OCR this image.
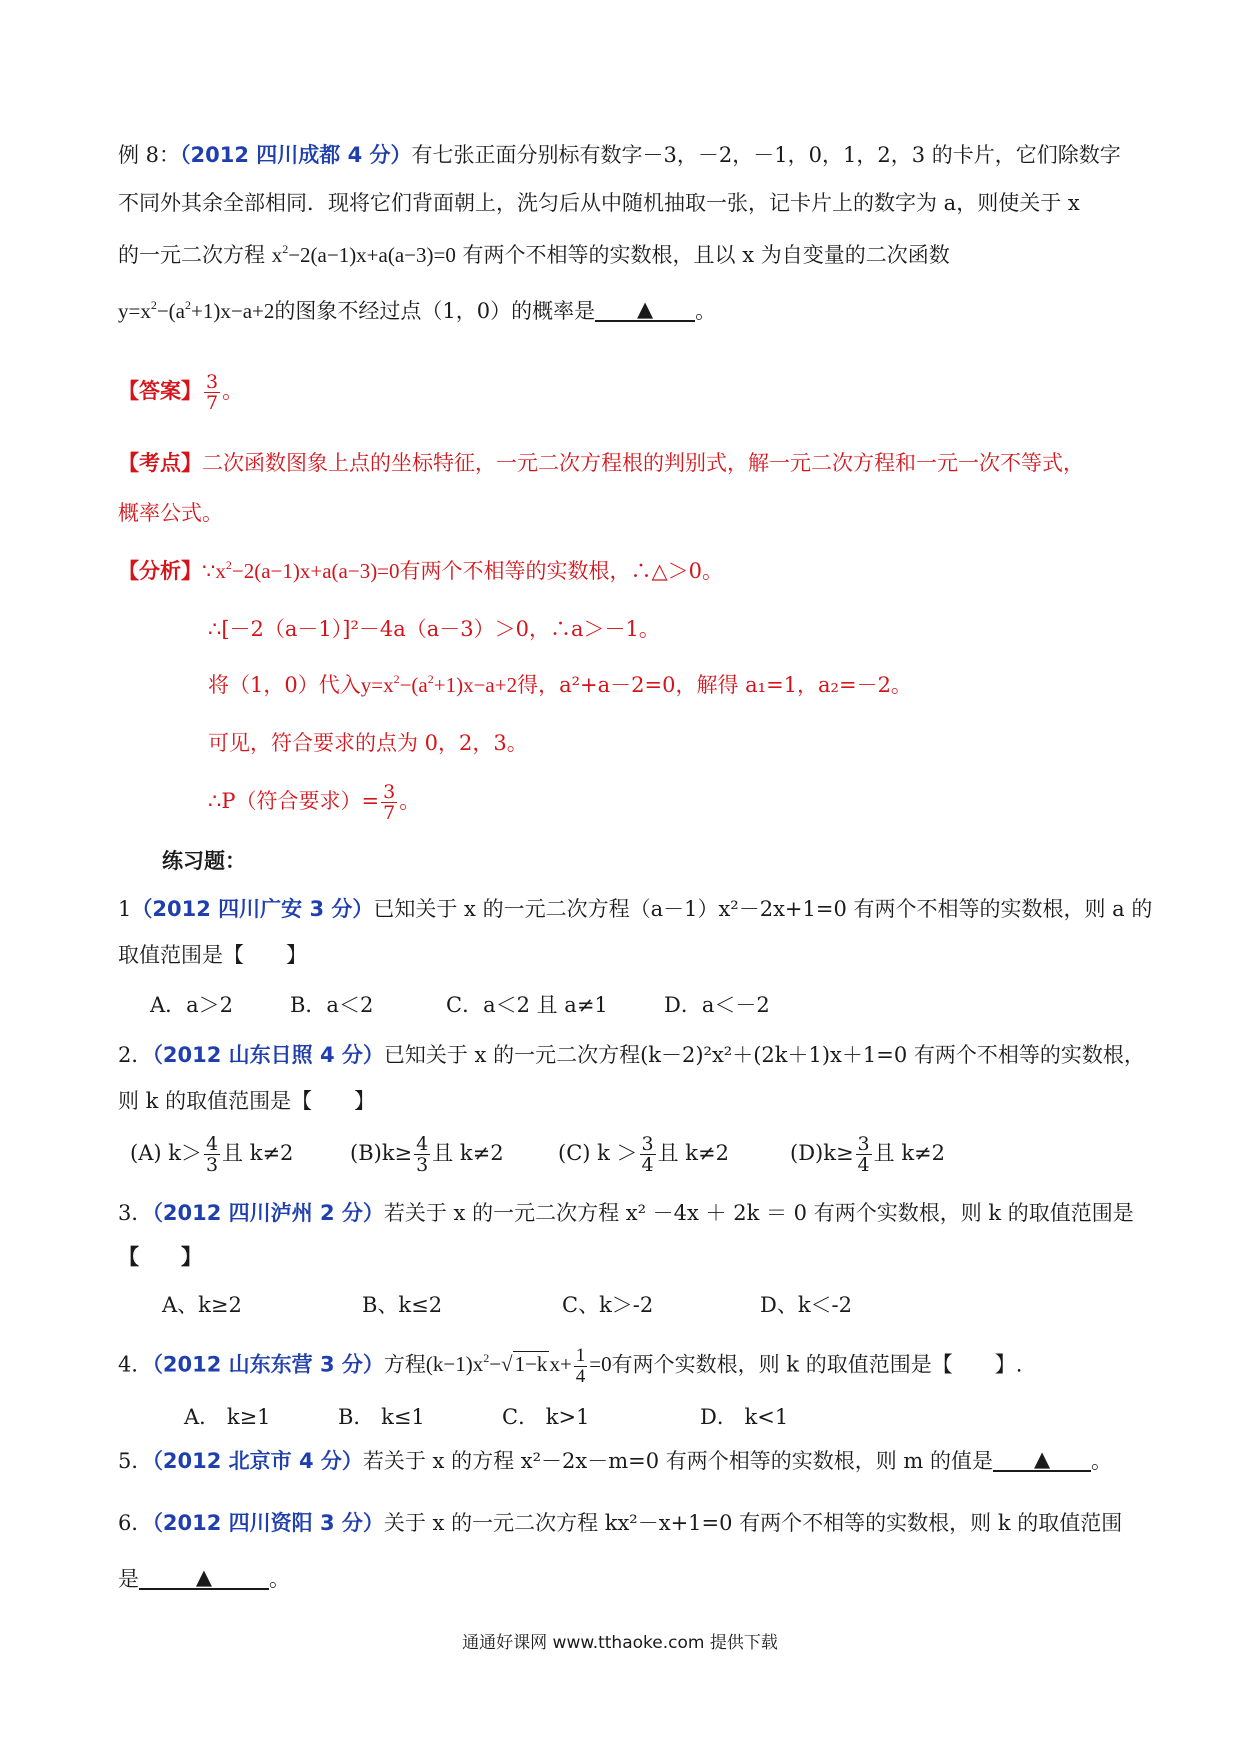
例 8：（2012 四川成都 4 分）有七张正面分别标有数字－3，－2，－1，0，1，2，3 的卡片，它们除数字
不同外其余全部相同．现将它们背面朝上，洗匀后从中随机抽取一张，记卡片上的数字为 a，则使关于 x
的一元二次方程 $x^2-2(a-1)x+a(a-3)=0$ 有两个不相等的实数根，且以 x 为自变量的二次函数
$y=x^2-(a^2+1)x-a+2$的图象不经过点（1，0）的概率是 ▲ 。
【答案】 $\frac{3}{7}$ 。
【考点】二次函数图象上点的坐标特征，一元二次方程根的判别式，解一元二次方程和一元一次不等式，
概率公式。
【分析】$\because x^2-2(a-1)x+a(a-3)=0$有两个不相等的实数根，∴△＞0。
∴[－2（a－1）]²－4a（a－3）＞0，∴a＞－1。
将（1，0）代入$y=x^2-(a^2+1)x-a+2$得，a²+a－2=0，解得 a₁=1，a₂=－2。
可见，符合要求的点为 0，2，3。
∴P（符合要求）= $\frac{3}{7}$ 。
练习题：
1（2012 四川广安 3 分）已知关于 x 的一元二次方程（a－1）x²－2x+1=0 有两个不相等的实数根，则 a 的
取值范围是【　　】
A．a＞2	B．a＜2	C．a＜2 且 a≠1	D．a＜－2
2．（2012 山东日照 4 分）已知关于 x 的一元二次方程(k－2)²x²＋(2k＋1)x＋1=0 有两个不相等的实数根，
则 k 的取值范围是【　　】
(A) $k> \frac{4}{3}$ 且 k≠2	$(B)k\ge \frac{4}{3}$ 且 k≠2	(C) $k > \frac{3}{4}$ 且 k≠2	$(D)k\ge \frac{3}{4}$ 且 k≠2
3．（2012 四川泸州 2 分）若关于 x 的一元二次方程 x² －4x ＋ 2k ＝ 0 有两个实数根，则 k 的取值范围是
【　　】
A、k≥2	B、k≤2	C、k＞-2	D、k＜-2
4．（2012 山东东营 3 分）方程$(k-1)x^2-√1-kx+ \frac{1}{4} =0$有两个实数根，则 k 的取值范围是【　　】.
A． k≥1	B． k≤1	C． k>1	D． k<1
5．（2012 北京市 4 分）若关于 x 的方程 x²－2x－m=0 有两个相等的实数根，则 m 的值是 ▲ 。
6．（2012 四川资阳 3 分）关于 x 的一元二次方程 kx²－x+1=0 有两个不相等的实数根，则 k 的取值范围
是	▲	。
通通好课网 www.tthaoke.com 提供下载
